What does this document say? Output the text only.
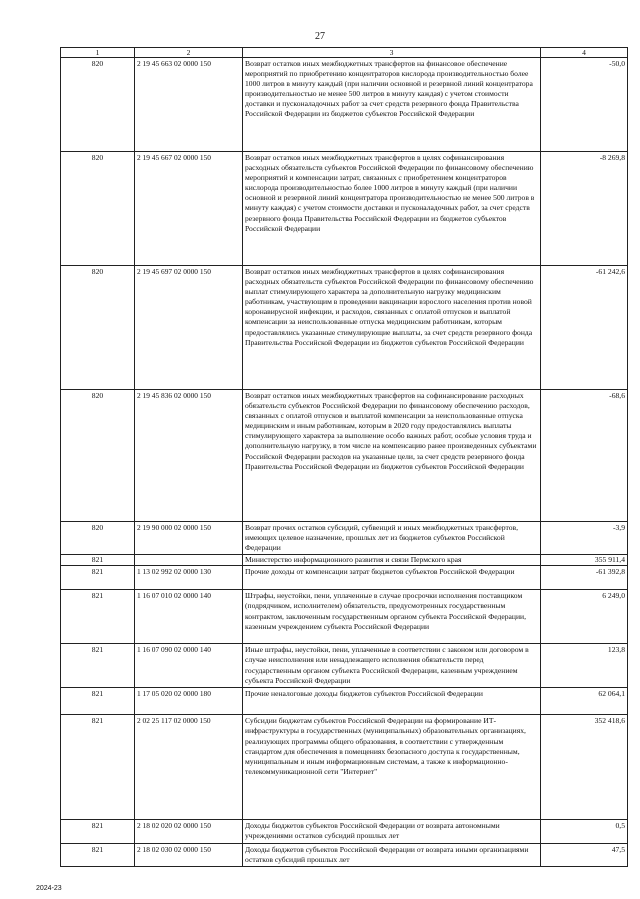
27
1	2	3	4
820	2 19 45 663 02 0000 150	Возврат остатков иных межбюджетных трансфертов на финансовое обеспечение мероприятий по приобретению концентраторов кислорода производительностью более 1000 литров в минуту каждый (при наличии основной и резервной линий концентратора производительностью не менее 500 литров в минуту каждая) с учетом стоимости доставки и пусконаладочных работ за счет средств резервного фонда Правительства Российской Федерации из бюджетов субъектов Российской Федерации	-50,0
820	2 19 45 667 02 0000 150	Возврат остатков иных межбюджетных трансфертов в целях софинансирования расходных обязательств субъектов Российской Федерации по финансовому обеспечению мероприятий и компенсации затрат, связанных с приобретением концентраторов кислорода производительностью более 1000 литров в минуту каждый (при наличии основной и резервной линий концентратора производительностью не менее 500 литров в минуту каждая) с учетом стоимости доставки и пусконаладочных работ, за счет средств резервного фонда Правительства Российской Федерации из бюджетов субъектов Российской Федерации	-8 269,8
820	2 19 45 697 02 0000 150	Возврат остатков иных межбюджетных трансфертов в целях софинансирования расходных обязательств субъектов Российской Федерации по финансовому обеспечению выплат стимулирующего характера за дополнительную нагрузку медицинским работникам, участвующим в проведении вакцинации взрослого населения против новой коронавирусной инфекции, и расходов, связанных с оплатой отпусков и выплатой компенсации за неиспользованные отпуска медицинским работникам, которым предоставлялись указанные стимулирующие выплаты, за счет средств резервного фонда Правительства Российской Федерации из бюджетов субъектов Российской Федерации	-61 242,6
820	2 19 45 836 02 0000 150	Возврат остатков иных межбюджетных трансфертов на софинансирование расходных обязательств субъектов Российской Федерации по финансовому обеспечению расходов, связанных с оплатой отпусков и выплатой компенсации за неиспользованные отпуска медицинским и иным работникам, которым в 2020 году предоставлялись выплаты стимулирующего характера за выполнение особо важных работ, особые условия труда и дополнительную нагрузку, в том числе на компенсацию ранее произведенных субъектами Российской Федерации расходов на указанные цели, за счет средств резервного фонда Правительства Российской Федерации из бюджетов субъектов Российской Федерации	-68,6
820	2 19 90 000 02 0000 150	Возврат прочих остатков субсидий, субвенций и иных межбюджетных трансфертов, имеющих целевое назначение, прошлых лет из бюджетов субъектов Российской Федерации	-3,9
821		Министерство информационного развития и связи Пермского края	355 911,4
821	1 13 02 992 02 0000 130	Прочие доходы от компенсации затрат бюджетов субъектов Российской Федерации	-61 392,8
821	1 16 07 010 02 0000 140	Штрафы, неустойки, пени, уплаченные в случае просрочки исполнения поставщиком (подрядчиком, исполнителем) обязательств, предусмотренных государственным контрактом, заключенным государственным органом субъекта Российской Федерации, казенным учреждением субъекта Российской Федерации	6 249,0
821	1 16 07 090 02 0000 140	Иные штрафы, неустойки, пени, уплаченные в соответствии с законом или договором в случае неисполнения или ненадлежащего исполнения обязательств перед государственным органом субъекта Российской Федерации, казенным учреждением субъекта Российской Федерации	123,8
821	1 17 05 020 02 0000 180	Прочие неналоговые доходы бюджетов субъектов Российской Федерации	62 064,1
821	2 02 25 117 02 0000 150	Субсидии бюджетам субъектов Российской Федерации на формирование ИТ-инфраструктуры в государственных (муниципальных) образовательных организациях, реализующих программы общего образования, в соответствии с утвержденным стандартом для обеспечения в помещениях безопасного доступа к государственным, муниципальным и иным информационным системам, а также к информационно-телекоммуникационной сети "Интернет"	352 418,6
821	2 18 02 020 02 0000 150	Доходы бюджетов субъектов Российской Федерации от возврата автономными учреждениями остатков субсидий прошлых лет	0,5
821	2 18 02 030 02 0000 150	Доходы бюджетов субъектов Российской Федерации от возврата иными организациями остатков субсидий прошлых лет	47,5
2024-23
